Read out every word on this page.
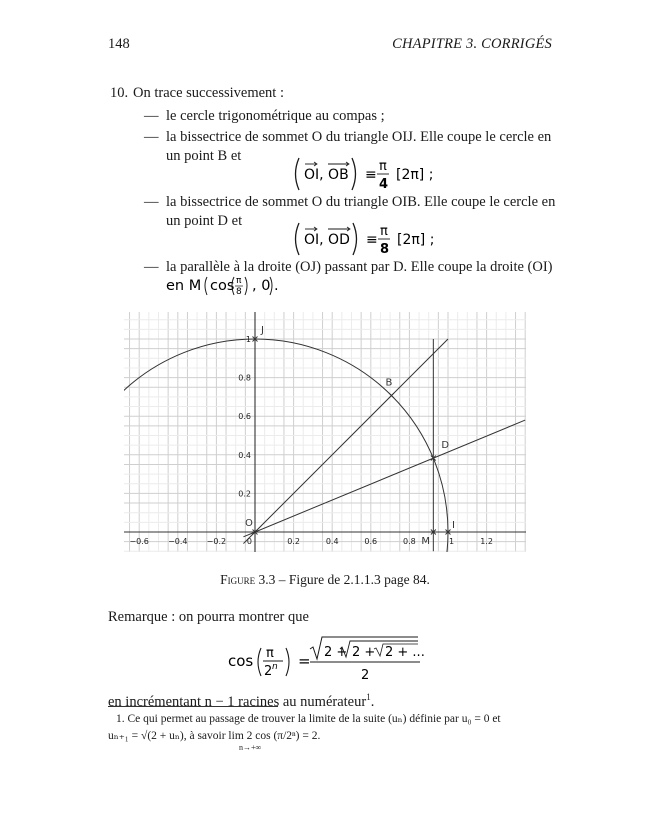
148	CHAPITRE 3. CORRIGÉS
10. On trace successivement :
— le cercle trigonométrique au compas ;
— la bissectrice de sommet O du triangle OIJ. Elle coupe le cercle en
un point B et
OI, OB ≡
π
4
[2π] ;
— la bissectrice de sommet O du triangle OIB. Elle coupe le cercle en
un point D et
OI, OD ≡
π
8
[2π] ;
— la parallèle à la droite (OJ) passant par D. Elle coupe la droite (OI)
en M cos π
8 , 0 .
−0.6 −0.4 −0.2	0.2	0.4	0.6	0.8	1.2
0	1
0.2
0.4
0.6
0.8
1
O	I
J
B
D
M
Figure 3.3 – Figure de 2.1.1.3 page 84.
Remarque : on pourra montrer que
cos π
2 n = 2 + 2 + 2 + ...
2
en incrémentant n − 1 racines au numérateur$^1$.
1. Ce qui permet au passage de trouver la limite de la suite (uₙ) définie par u₀ = 0 et
uₙ₊₁ = √(2 + uₙ), à savoir lim 2 cos (π/2ⁿ) = 2.
n→+∞
